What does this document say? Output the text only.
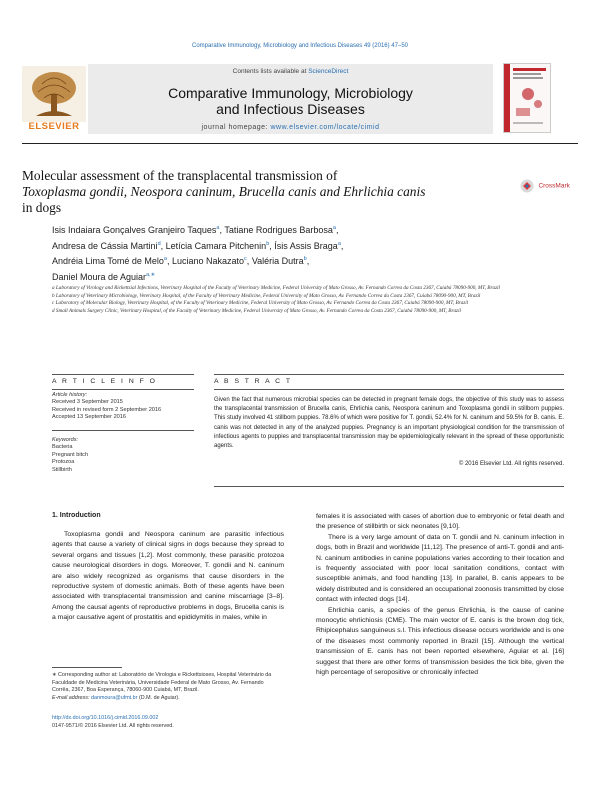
Comparative Immunology, Microbiology and Infectious Diseases 49 (2016) 47–50
ELSEVIER
Contents lists available at ScienceDirect
Comparative Immunology, Microbiology
and Infectious Diseases
journal homepage: www.elsevier.com/locate/cimid
Molecular assessment of the transplacental transmission of
Toxoplasma gondii, Neospora caninum, Brucella canis and Ehrlichia canis
in dogs
CrossMark
Isis Indaiara Gonçalves Granjeiro Taques$^a$, Tatiane Rodrigues Barbosa$^a$,
Andresa de Cássia Martini$^d$, Letícia Camara Pitchenin$^b$, Ísis Assis Braga$^a$,
Andréia Lima Tomé de Melo$^a$, Luciano Nakazato$^c$, Valéria Dutra$^b$,
Daniel Moura de Aguiar$^{a,∗}$

a Laboratory of Virology and Rickettsial Infections, Veterinary Hospital of the Faculty of Veterinary Medicine, Federal University of Mato Grosso, Av. Fernando Correa da Costa 2367, Cuiabá 78090-900, MT, Brazil

b Laboratory of Veterinary Microbiology, Veterinary Hospital, of the Faculty of Veterinary Medicine, Federal University of Mato Grosso, Av. Fernando Correa da Costa 2367, Cuiabá 78090-900, MT, Brazil

c Laboratory of Molecular Biology, Veterinary Hospital, of the Faculty of Veterinary Medicine, Federal University of Mato Grosso, Av. Fernando Correa da Costa 2367, Cuiabá 78090-900, MT, Brazil

d Small Animals Surgery Clinic, Veterinary Hospital, of the Faculty of Veterinary Medicine, Federal University of Mato Grosso, Av. Fernando Correa da Costa 2367, Cuiabá 78090-900, MT, Brazil

A R T I C L E I N F O	A B S T R A C T
Article history:
Received 3 September 2015
Received in revised form 2 September 2016
Accepted 13 September 2016
Keywords:
Bacteria
Pregnant bitch
Protozoa
Stillbirth
Given the fact that numerous microbial species can be detected in pregnant female dogs, the objective of this study was to assess the transplacental transmission of Brucella canis, Ehrlichia canis, Neospora caninum and Toxoplasma gondii in stillborn puppies. This study involved 41 stillborn puppies. 78.6% of which were positive for T. gondii, 52.4% for N. caninum and 59.5% for B. canis. E. canis was not detected in any of the analyzed puppies. Pregnancy is an important physiological condition for the transmission of infectious agents to puppies and transplacental transmission may be epidemiologically relevant in the spread of these opportunistic agents.
© 2016 Elsevier Ltd. All rights reserved.
1. Introduction

Toxoplasma gondii and Neospora caninum are parasitic infectious agents that cause a variety of clinical signs in dogs because they spread to several organs and tissues [1,2]. Most commonly, these parasitic protozoa cause neurological disorders in dogs. Moreover, T. gondii and N. caninum are also widely recognized as organisms that cause disorders in the reproductive system of domestic animals. Both of these agents have been associated with transplacental transmission and canine miscarriage [3–8]. Among the causal agents of reproductive problems in dogs, Brucella canis is a major causative agent of prostatitis and epididymitis in males, while in

females it is associated with cases of abortion due to embryonic or fetal death and the presence of stillbirth or sick neonates [9,10].

There is a very large amount of data on T. gondii and N. caninum infection in dogs, both in Brazil and worldwide [11,12]. The presence of anti-T. gondii and anti-N. caninum antibodies in canine populations varies according to their location and is frequently associated with poor local sanitation conditions, contact with susceptible animals, and food handling [13]. In parallel, B. canis appears to be widely distributed and is considered an occupational zoonosis transmitted by close contact with infected dogs [14].

Ehrlichia canis, a species of the genus Ehrlichia, is the cause of canine monocytic ehrlichiosis (CME). The main vector of E. canis is the brown dog tick, Rhipicephalus sanguineus s.l. This infectious disease occurs worldwide and is one of the diseases most commonly reported in Brazil [15]. Although the vertical transmission of E. canis has not been reported elsewhere, Aguiar et al. [16] suggest that there are other forms of transmission besides the tick bite, given the high percentage of seropositive or chronically infected

∗ Corresponding author at: Laboratório de Virologia e Rickettsioses, Hospital Veterinário da Faculdade de Medicina Veterinária, Universidade Federal de Mato Grosso, Av. Fernando Corrêa, 2367, Boa Esperança, 78060-900 Cuiabá, MT, Brazil.
E-mail address: danmoura@ufmt.br (D.M. de Aguiar).
http://dx.doi.org/10.1016/j.cimid.2016.09.002
0147-9571/© 2016 Elsevier Ltd. All rights reserved.
